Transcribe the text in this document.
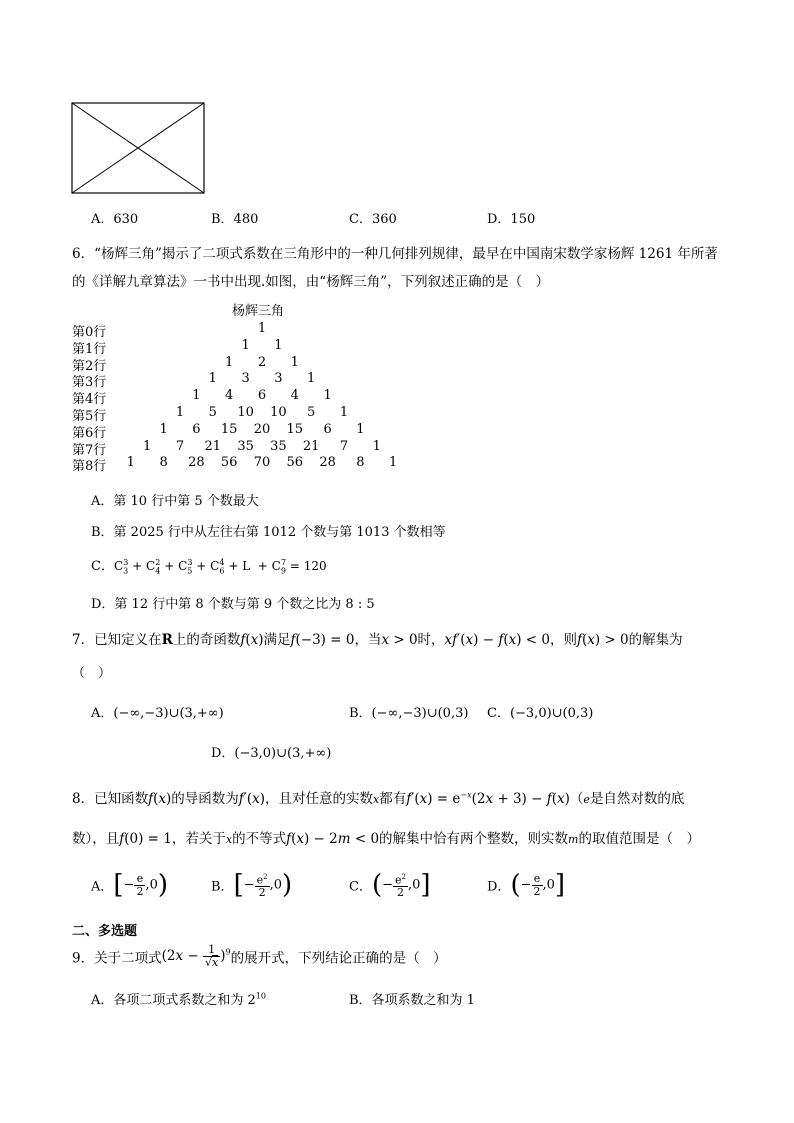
A．630	B．480	C．360	D．150
6．“杨辉三角”揭示了二项式系数在三角形中的一种几何排列规律，最早在中国南宋数学家杨辉 1261 年所著
的《详解九章算法》一书中出现.如图，由“杨辉三角”，下列叙述正确的是（　）
杨辉三角
第0行	1
第1行	1 1
第2行	1 2 1
第3行	1 3 3 1
第4行	1 4 6 4 1
第5行	1 5 10 10 5 1
第6行	1 6 15 20 15 6 1
第7行	1 7 21 35 35 21 7 1
第8行 1 8 28 56 70 56 28 8 1
A．第 10 行中第 5 个数最大
B．第 2025 行中从左往右第 1012 个数与第 1013 个数相等
C．$C_3^3 + C_4^2 + C_5^3 + C_6^4 + L + C_9^7 = 120$
D．第 12 行中第 8 个数与第 9 个数之比为 8 : 5
7．已知定义在R上的奇函数f(x)满足f(−3) = 0，当x > 0时，xf′(x) − f(x) < 0，则f(x) > 0的解集为
（　）
A．(−∞,−3)∪(3,+∞)	B．(−∞,−3)∪(0,3) C．(−3,0)∪(0,3)
D．(−3,0)∪(3,+∞)
8．已知函数f(x)的导函数为f′(x)，且对任意的实数x都有$f'(x) = e^{-x}(2x + 3) - f(x)(e$是自然对数的底
数），且f(0) = 1，若关于x的不等式f(x) − 2m < 0的解集中恰有两个整数，则实数m的取值范围是（　）
A．[− $\frac{e}{2} ,0$)	B．[− $\frac{e^2}{2} ,0$)	C．(− $\frac{e^2}{2} ,0$]	D．(− $\frac{e}{2} ,0$]
二、多选题
9．关于二项式$(2x - \frac{1}{√x} )^9$的展开式，下列结论正确的是（　）
A．各项二项式系数之和为 $2^{10}$	B．各项系数之和为 1
